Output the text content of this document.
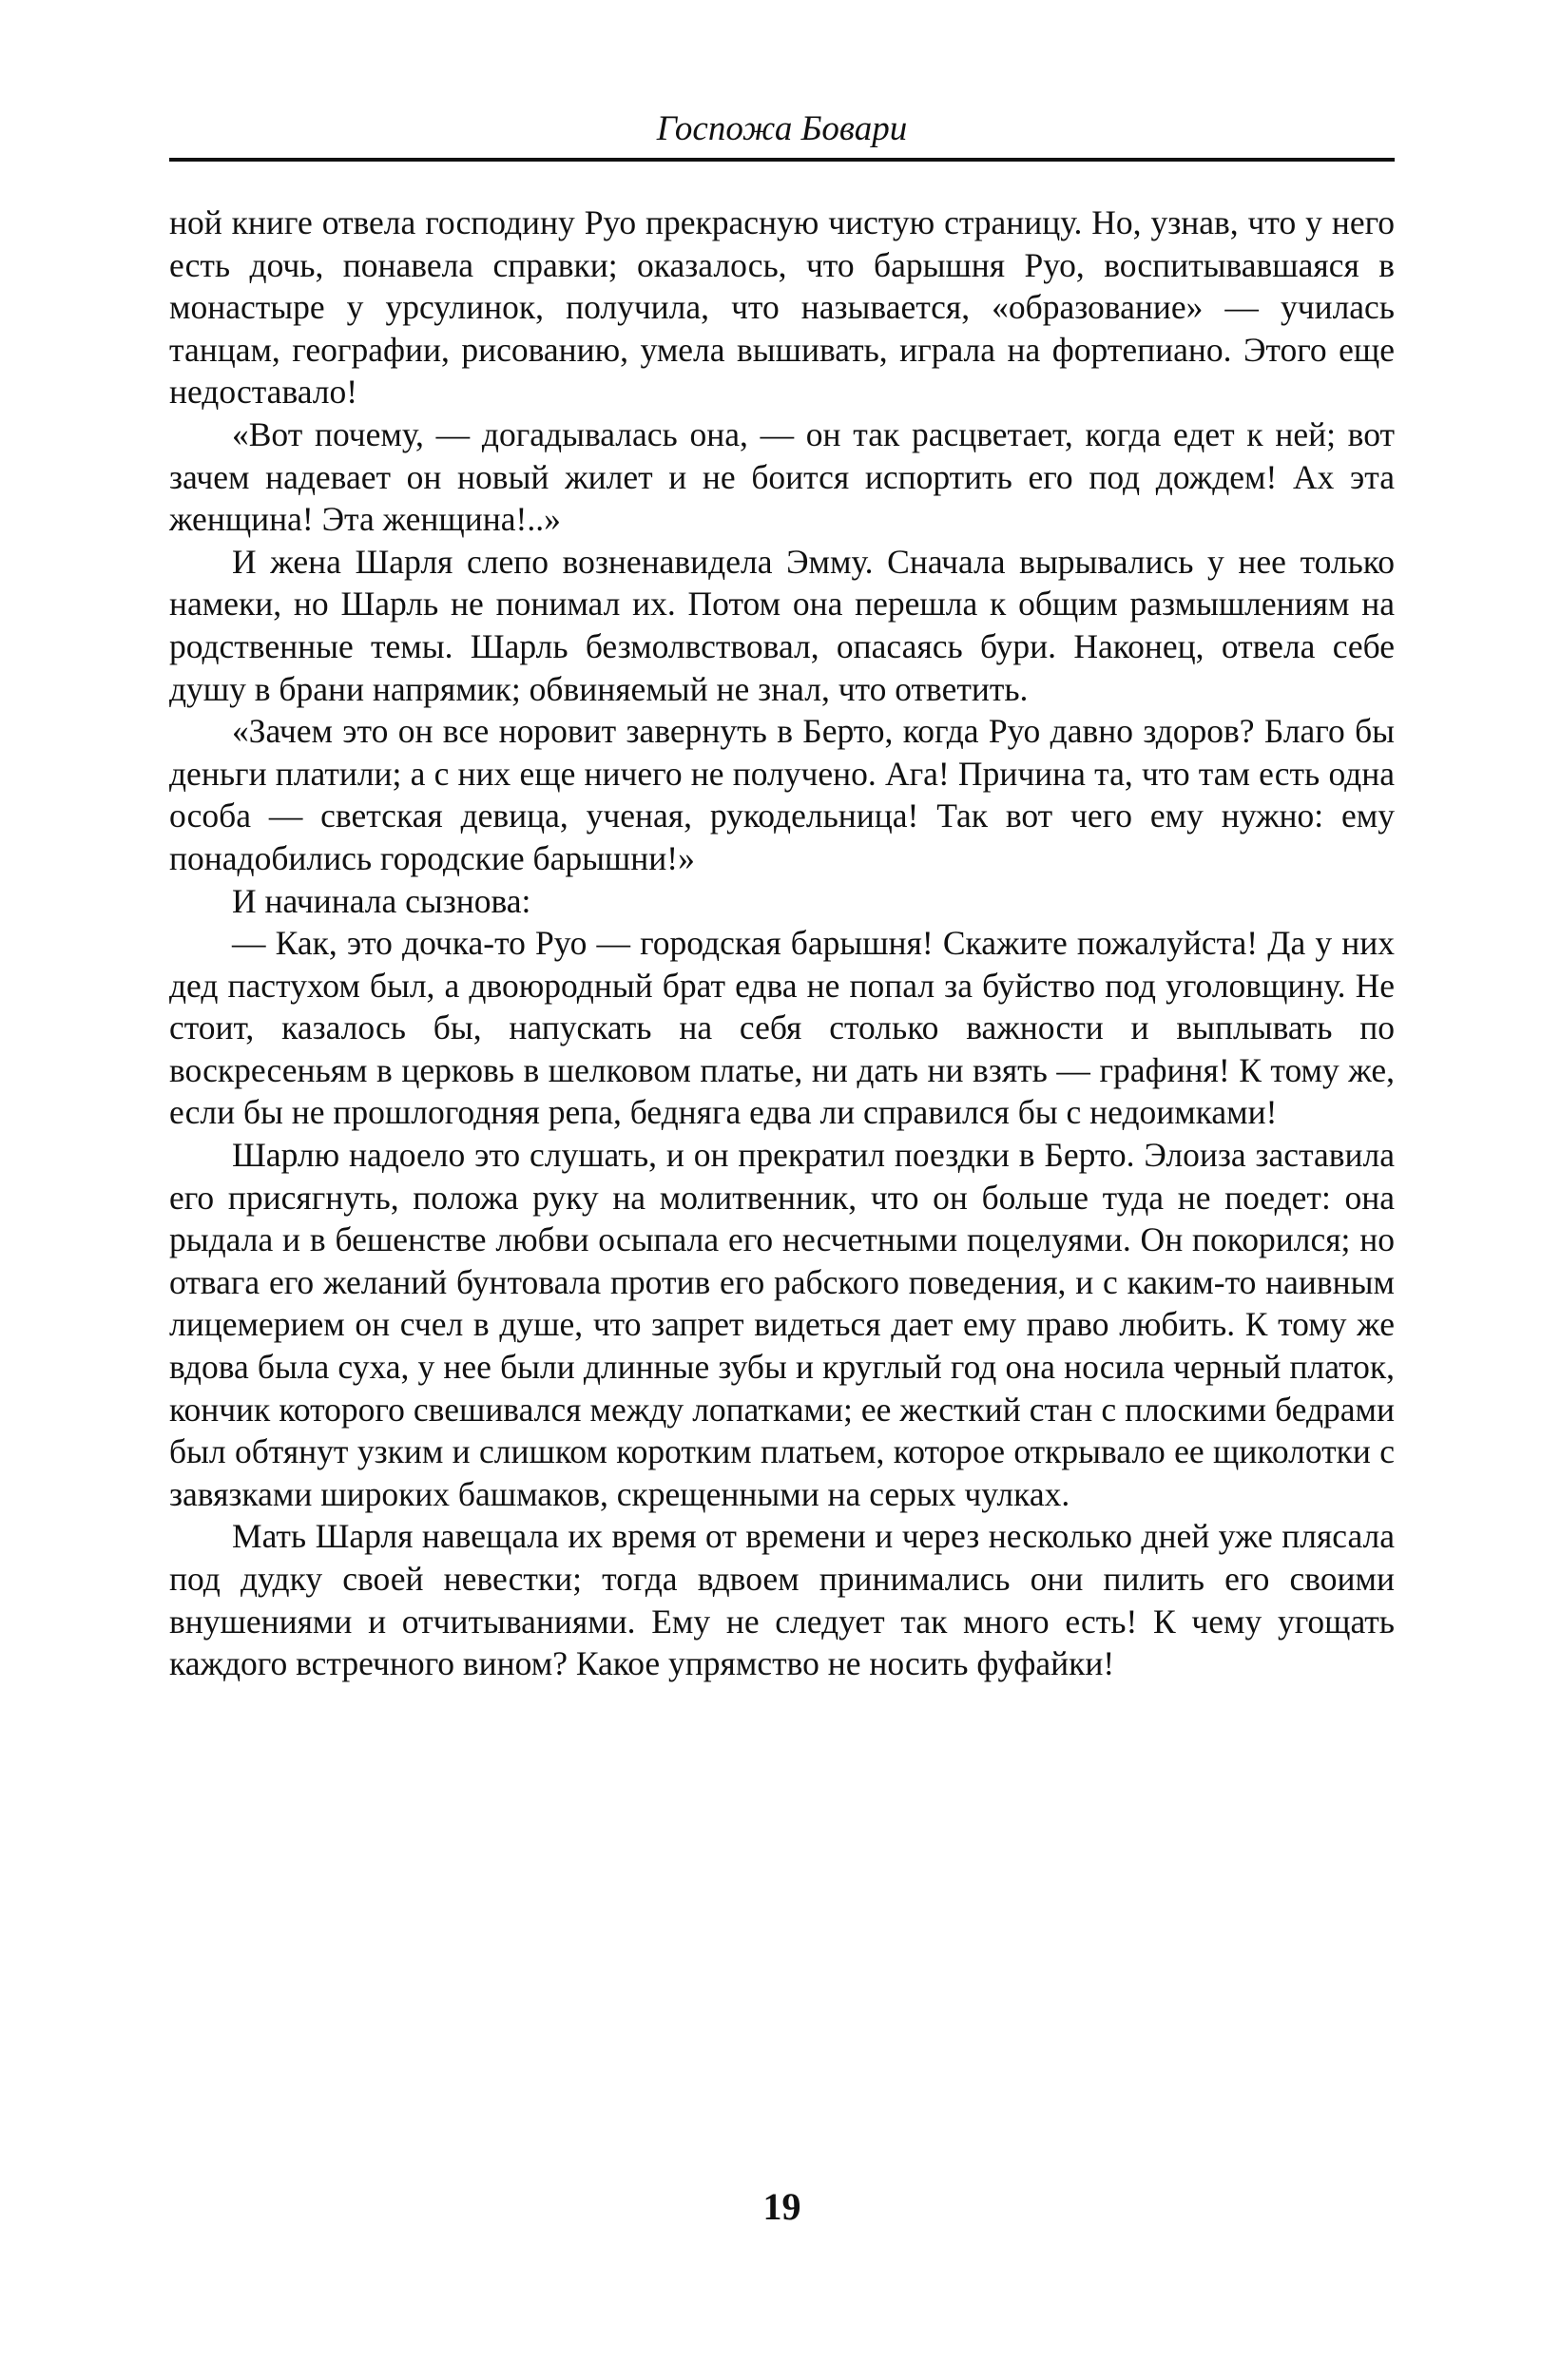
Госпожа Бовари

ной книге отвела господину Руо прекрасную чистую страницу. Но, узнав, что у него есть дочь, понавела справки; оказалось, что барышня Руо, воспитывавшаяся в монастыре у урсулинок, получила, что называется, «образование» — училась танцам, географии, рисованию, умела вышивать, играла на фортепиано. Этого еще недоставало!

«Вот почему, — догадывалась она, — он так расцветает, когда едет к ней; вот зачем надевает он новый жилет и не боится испортить его под дождем! Ах эта женщина! Эта женщина!..»

И жена Шарля слепо возненавидела Эмму. Сначала вырывались у нее только намеки, но Шарль не понимал их. Потом она перешла к общим размышлениям на родственные темы. Шарль безмолвствовал, опасаясь бури. Наконец, отвела себе душу в брани напрямик; обвиняемый не знал, что ответить.

«Зачем это он все норовит завернуть в Берто, когда Руо давно здоров? Благо бы деньги платили; а с них еще ничего не получено. Ага! Причина та, что там есть одна особа — светская девица, ученая, рукодельница! Так вот чего ему нужно: ему понадобились городские барышни!»

И начинала сызнова:

— Как, это дочка-то Руо — городская барышня! Скажите пожалуйста! Да у них дед пастухом был, а двоюродный брат едва не попал за буйство под уголовщину. Не стоит, казалось бы, напускать на себя столько важности и выплывать по воскресеньям в церковь в шелковом платье, ни дать ни взять — графиня! К тому же, если бы не прошлогодняя репа, бедняга едва ли справился бы с недоимками!

Шарлю надоело это слушать, и он прекратил поездки в Берто. Элоиза заставила его присягнуть, положа руку на молитвенник, что он больше туда не поедет: она рыдала и в бешенстве любви осыпала его несчетными поцелуями. Он покорился; но отвага его желаний бунтовала против его рабского поведения, и с каким-то наивным лицемерием он счел в душе, что запрет видеться дает ему право любить. К тому же вдова была суха, у нее были длинные зубы и круглый год она носила черный платок, кончик которого свешивался между лопатками; ее жесткий стан с плоскими бедрами был обтянут узким и слишком коротким платьем, которое открывало ее щиколотки с завязками широких башмаков, скрещенными на серых чулках.

Мать Шарля навещала их время от времени и через несколько дней уже плясала под дудку своей невестки; тогда вдвоем принимались они пилить его своими внушениями и отчитываниями. Ему не следует так много есть! К чему угощать каждого встречного вином? Какое упрямство не носить фуфайки!

19
